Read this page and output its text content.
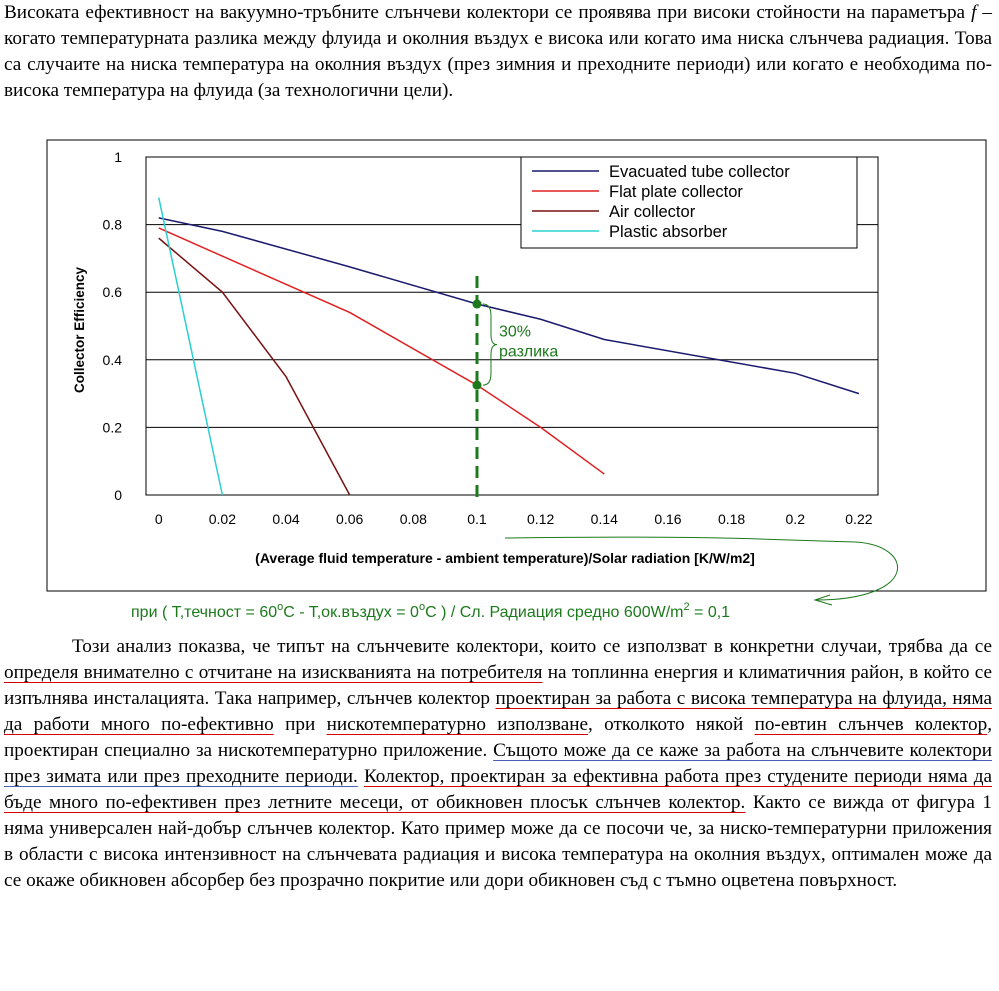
Високата ефективност на вакуумно-тръбните слънчеви колектори се проявява при високи стойности на параметъра f – когато температурната разлика между флуида и околния въздух е висока или когато има ниска слънчева радиация. Това са случаите на ниска температура на околния въздух (през зимния и преходните периоди) или когато е необходима по-висока температура на флуида (за технологични цели).

0
0.2
0.4
0.6
0.8
1
0	0.02	0.04	0.06	0.08	0.1	0.12	0.14	0.16	0.18	0.2	0.22
30%
разлика
Collector Efficiency
(Average fluid temperature - ambient temperature)/Solar radiation [K/W/m2]
Evacuated tube collector
Flat plate collector
Air collector
Plastic absorber
при ( T,течност = $60^oC$ - T,ок.въздух = $0^oC$ ) / Сл. Радиация средно $600W/m^2 = 0,1$

Този анализ показва, че типът на слънчевите колектори, които се използват в конкретни случаи, трябва да се определя внимателно с отчитане на изискванията на потребителя на топлинна енергия и климатичния район, в който се изпълнява инсталацията. Така например, слънчев колектор проектиран за работа с висока температура на флуида, няма да работи много по-ефективно при нискотемпературно използване, отколкото някой по-евтин слънчев колектор, проектиран специално за нискотемпературно приложение. Същото може да се каже за работа на слънчевите колектори през зимата или през преходните периоди. Колектор, проектиран за ефективна работа през студените периоди няма да бъде много по-ефективен през летните месеци, от обикновен плосък слънчев колектор. Както се вижда от фигура 1 няма универсален най-добър слънчев колектор. Като пример може да се посочи че, за ниско-температурни приложения в области с висока интензивност на слънчевата радиация и висока температура на околния въздух, оптимален може да се окаже обикновен абсорбер без прозрачно покритие или дори обикновен съд с тъмно оцветена повърхност.
